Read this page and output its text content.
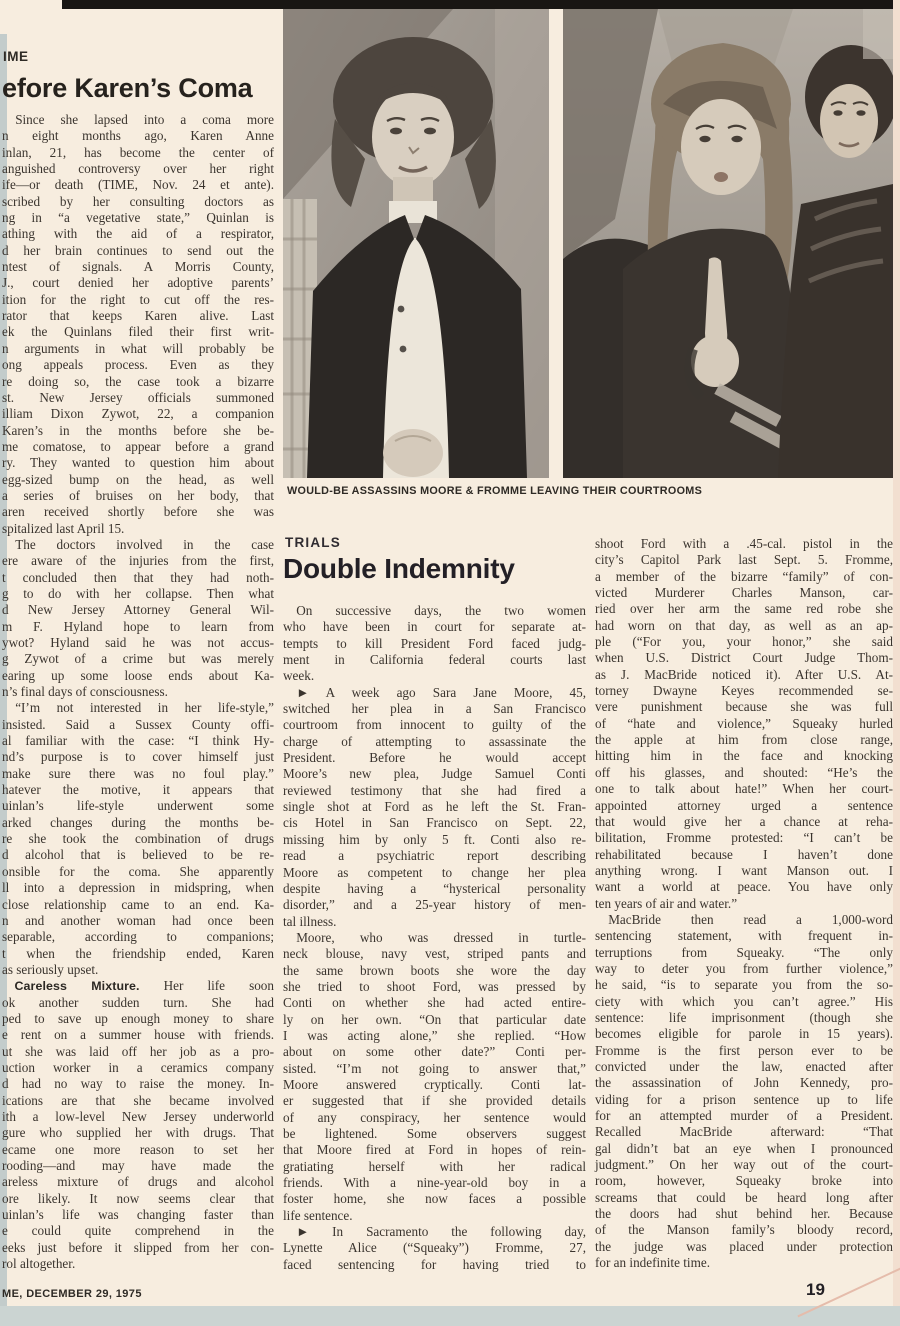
IME
efore Karen’s Coma
 Since she lapsed into a coma more
n eight months ago, Karen Anne
inlan, 21, has become the center of
anguished controversy over her right
ife—or death (TIME, Nov. 24 et ante).
scribed by her consulting doctors as
ng in “a vegetative state,” Quinlan is
athing with the aid of a respirator,
d her brain continues to send out the
ntest of signals. A Morris County,
J., court denied her adoptive parents’
ition for the right to cut off the res-
rator that keeps Karen alive. Last
ek the Quinlans filed their first writ-
n arguments in what will probably be
ong appeals process. Even as they
re doing so, the case took a bizarre
st. New Jersey officials summoned
illiam Dixon Zywot, 22, a companion
Karen’s in the months before she be-
me comatose, to appear before a grand
ry. They wanted to question him about
egg-sized bump on the head, as well
a series of bruises on her body, that
aren received shortly before she was
spitalized last April 15.
 The doctors involved in the case
ere aware of the injuries from the first,
t concluded then that they had noth-
g to do with her collapse. Then what
d New Jersey Attorney General Wil-
m F. Hyland hope to learn from
ywot? Hyland said he was not accus-
g Zywot of a crime but was merely
earing up some loose ends about Ka-
n’s final days of consciousness.
 “I’m not interested in her life-style,”
insisted. Said a Sussex County offi-
al familiar with the case: “I think Hy-
nd’s purpose is to cover himself just
make sure there was no foul play.”
hatever the motive, it appears that
uinlan’s life-style underwent some
arked changes during the months be-
re she took the combination of drugs
d alcohol that is believed to be re-
onsible for the coma. She apparently
ll into a depression in midspring, when
close relationship came to an end. Ka-
n and another woman had once been
separable, according to companions;
t when the friendship ended, Karen
as seriously upset.
 Careless Mixture. Her life soon
ok another sudden turn. She had
ped to save up enough money to share
e rent on a summer house with friends.
ut she was laid off her job as a pro-
uction worker in a ceramics company
d had no way to raise the money. In-
ications are that she became involved
ith a low-level New Jersey underworld
gure who supplied her with drugs. That
ecame one more reason to set her
rooding—and may have made the
areless mixture of drugs and alcohol
ore likely. It now seems clear that
uinlan’s life was changing faster than
e could quite comprehend in the
eeks just before it slipped from her con-
rol altogether.
WOULD-BE ASSASSINS MOORE & FROMME LEAVING THEIR COURTROOMS
TRIALS
Double Indemnity
 On successive days, the two women
who have been in court for separate at-
tempts to kill President Ford faced judg-
ment in California federal courts last
week.
 ► A week ago Sara Jane Moore, 45,
switched her plea in a San Francisco
courtroom from innocent to guilty of the
charge of attempting to assassinate the
President. Before he would accept
Moore’s new plea, Judge Samuel Conti
reviewed testimony that she had fired a
single shot at Ford as he left the St. Fran-
cis Hotel in San Francisco on Sept. 22,
missing him by only 5 ft. Conti also re-
read a psychiatric report describing
Moore as competent to change her plea
despite having a “hysterical personality
disorder,” and a 25-year history of men-
tal illness.
 Moore, who was dressed in turtle-
neck blouse, navy vest, striped pants and
the same brown boots she wore the day
she tried to shoot Ford, was pressed by
Conti on whether she had acted entire-
ly on her own. “On that particular date
I was acting alone,” she replied. “How
about on some other date?” Conti per-
sisted. “I’m not going to answer that,”
Moore answered cryptically. Conti lat-
er suggested that if she provided details
of any conspiracy, her sentence would
be lightened. Some observers suggest
that Moore fired at Ford in hopes of rein-
gratiating herself with her radical
friends. With a nine-year-old boy in a
foster home, she now faces a possible
life sentence.
 ► In Sacramento the following day,
Lynette Alice (“Squeaky”) Fromme, 27,
faced sentencing for having tried to
shoot Ford with a .45-cal. pistol in the
city’s Capitol Park last Sept. 5. Fromme,
a member of the bizarre “family” of con-
victed Murderer Charles Manson, car-
ried over her arm the same red robe she
had worn on that day, as well as an ap-
ple (“For you, your honor,” she said
when U.S. District Court Judge Thom-
as J. MacBride noticed it). After U.S. At-
torney Dwayne Keyes recommended se-
vere punishment because she was full
of “hate and violence,” Squeaky hurled
the apple at him from close range,
hitting him in the face and knocking
off his glasses, and shouted: “He’s the
one to talk about hate!” When her court-
appointed attorney urged a sentence
that would give her a chance at reha-
bilitation, Fromme protested: “I can’t be
rehabilitated because I haven’t done
anything wrong. I want Manson out. I
want a world at peace. You have only
ten years of air and water.”
 MacBride then read a 1,000-word
sentencing statement, with frequent in-
terruptions from Squeaky. “The only
way to deter you from further violence,”
he said, “is to separate you from the so-
ciety with which you can’t agree.” His
sentence: life imprisonment (though she
becomes eligible for parole in 15 years).
Fromme is the first person ever to be
convicted under the law, enacted after
the assassination of John Kennedy, pro-
viding for a prison sentence up to life
for an attempted murder of a President.
Recalled MacBride afterward: “That
gal didn’t bat an eye when I pronounced
judgment.” On her way out of the court-
room, however, Squeaky broke into
screams that could be heard long after
the doors had shut behind her. Because
of the Manson family’s bloody record,
the judge was placed under protection
for an indefinite time.
ME, DECEMBER 29, 1975	19
